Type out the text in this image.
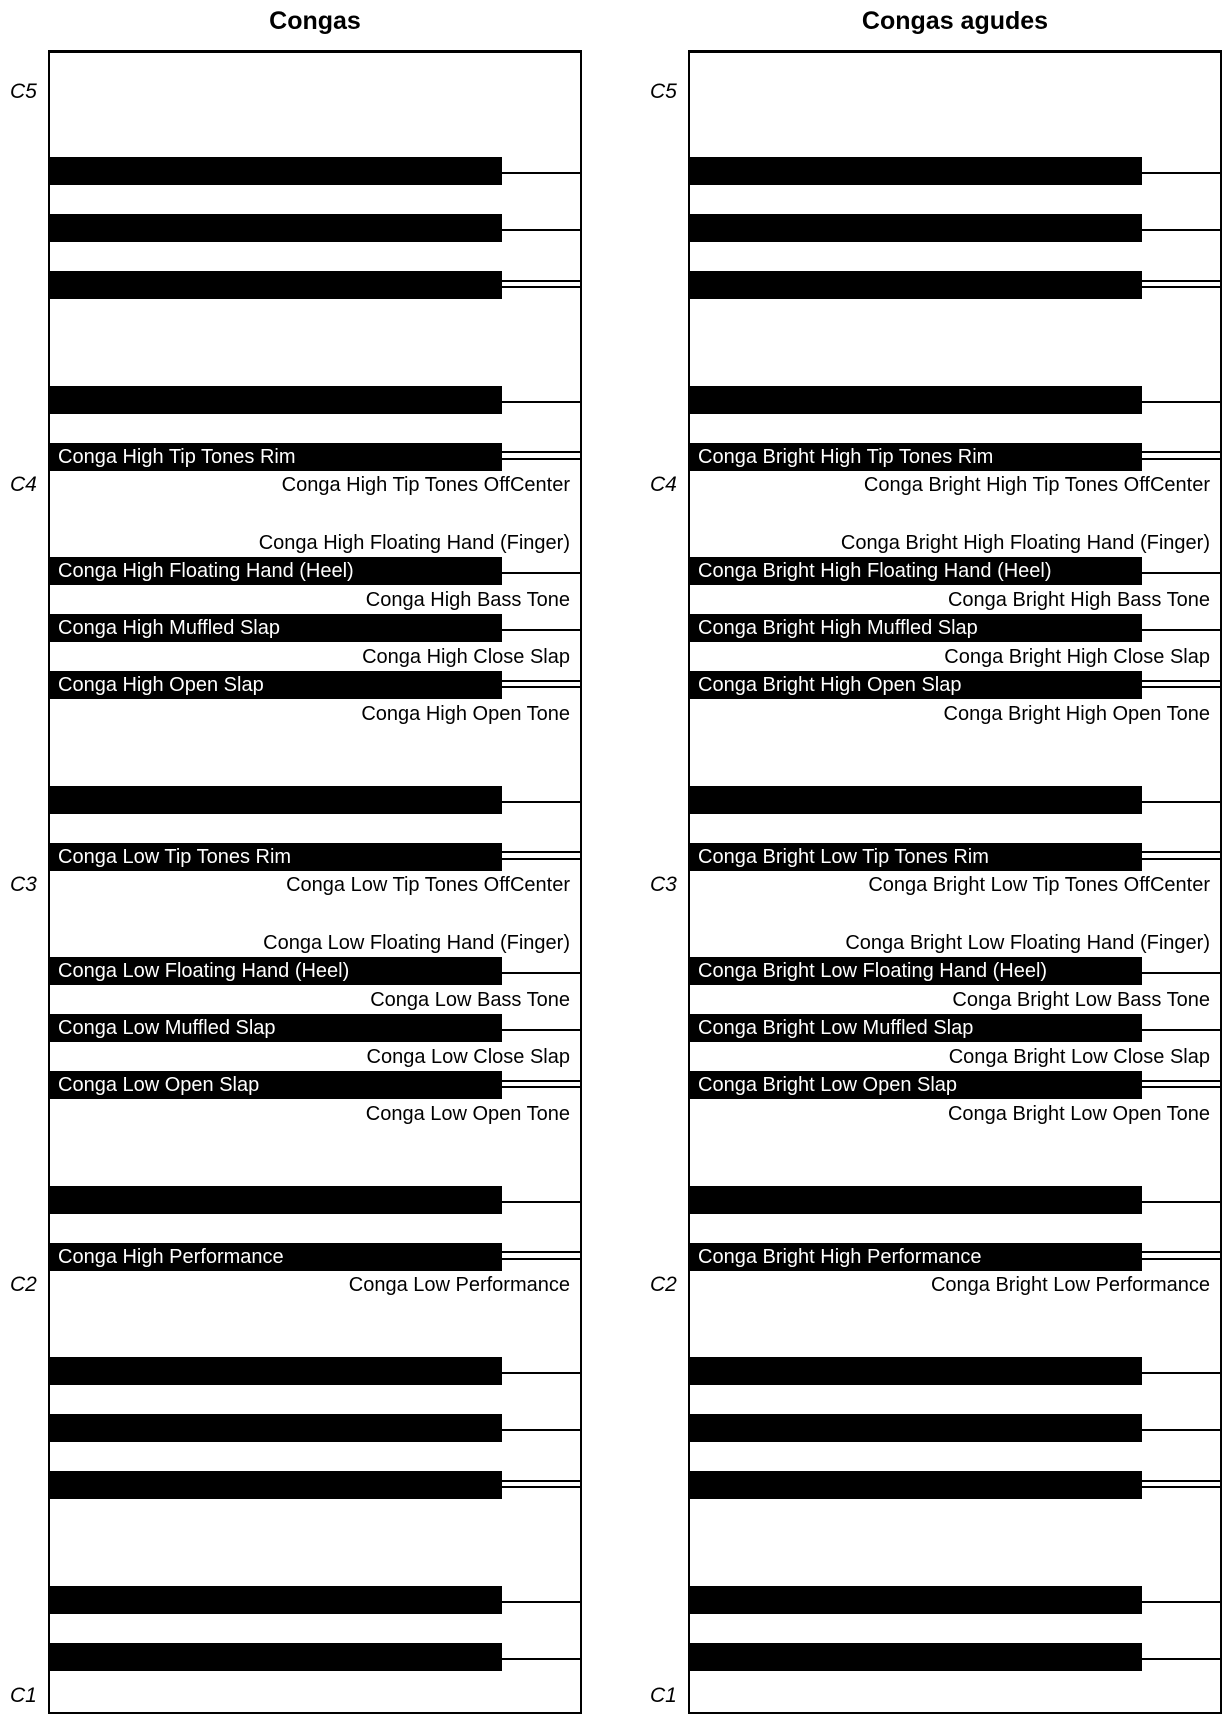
Congas
Conga Low Performance
Conga High Performance
Conga Low Open Tone
Conga Low Open Slap
Conga Low Close Slap
Conga Low Muffled Slap
Conga Low Bass Tone
Conga Low Floating Hand (Heel)
Conga Low Floating Hand (Finger)
Conga Low Tip Tones OffCenter
Conga Low Tip Tones Rim
Conga High Open Tone
Conga High Open Slap
Conga High Close Slap
Conga High Muffled Slap
Conga High Bass Tone
Conga High Floating Hand (Heel)
Conga High Floating Hand (Finger)
Conga High Tip Tones OffCenter
Conga High Tip Tones Rim
C5
C4
C3
C2
C1
Congas agudes
Conga Bright Low Performance
Conga Bright High Performance
Conga Bright Low Open Tone
Conga Bright Low Open Slap
Conga Bright Low Close Slap
Conga Bright Low Muffled Slap
Conga Bright Low Bass Tone
Conga Bright Low Floating Hand (Heel)
Conga Bright Low Floating Hand (Finger)
Conga Bright Low Tip Tones OffCenter
Conga Bright Low Tip Tones Rim
Conga Bright High Open Tone
Conga Bright High Open Slap
Conga Bright High Close Slap
Conga Bright High Muffled Slap
Conga Bright High Bass Tone
Conga Bright High Floating Hand (Heel)
Conga Bright High Floating Hand (Finger)
Conga Bright High Tip Tones OffCenter
Conga Bright High Tip Tones Rim
C5
C4
C3
C2
C1
